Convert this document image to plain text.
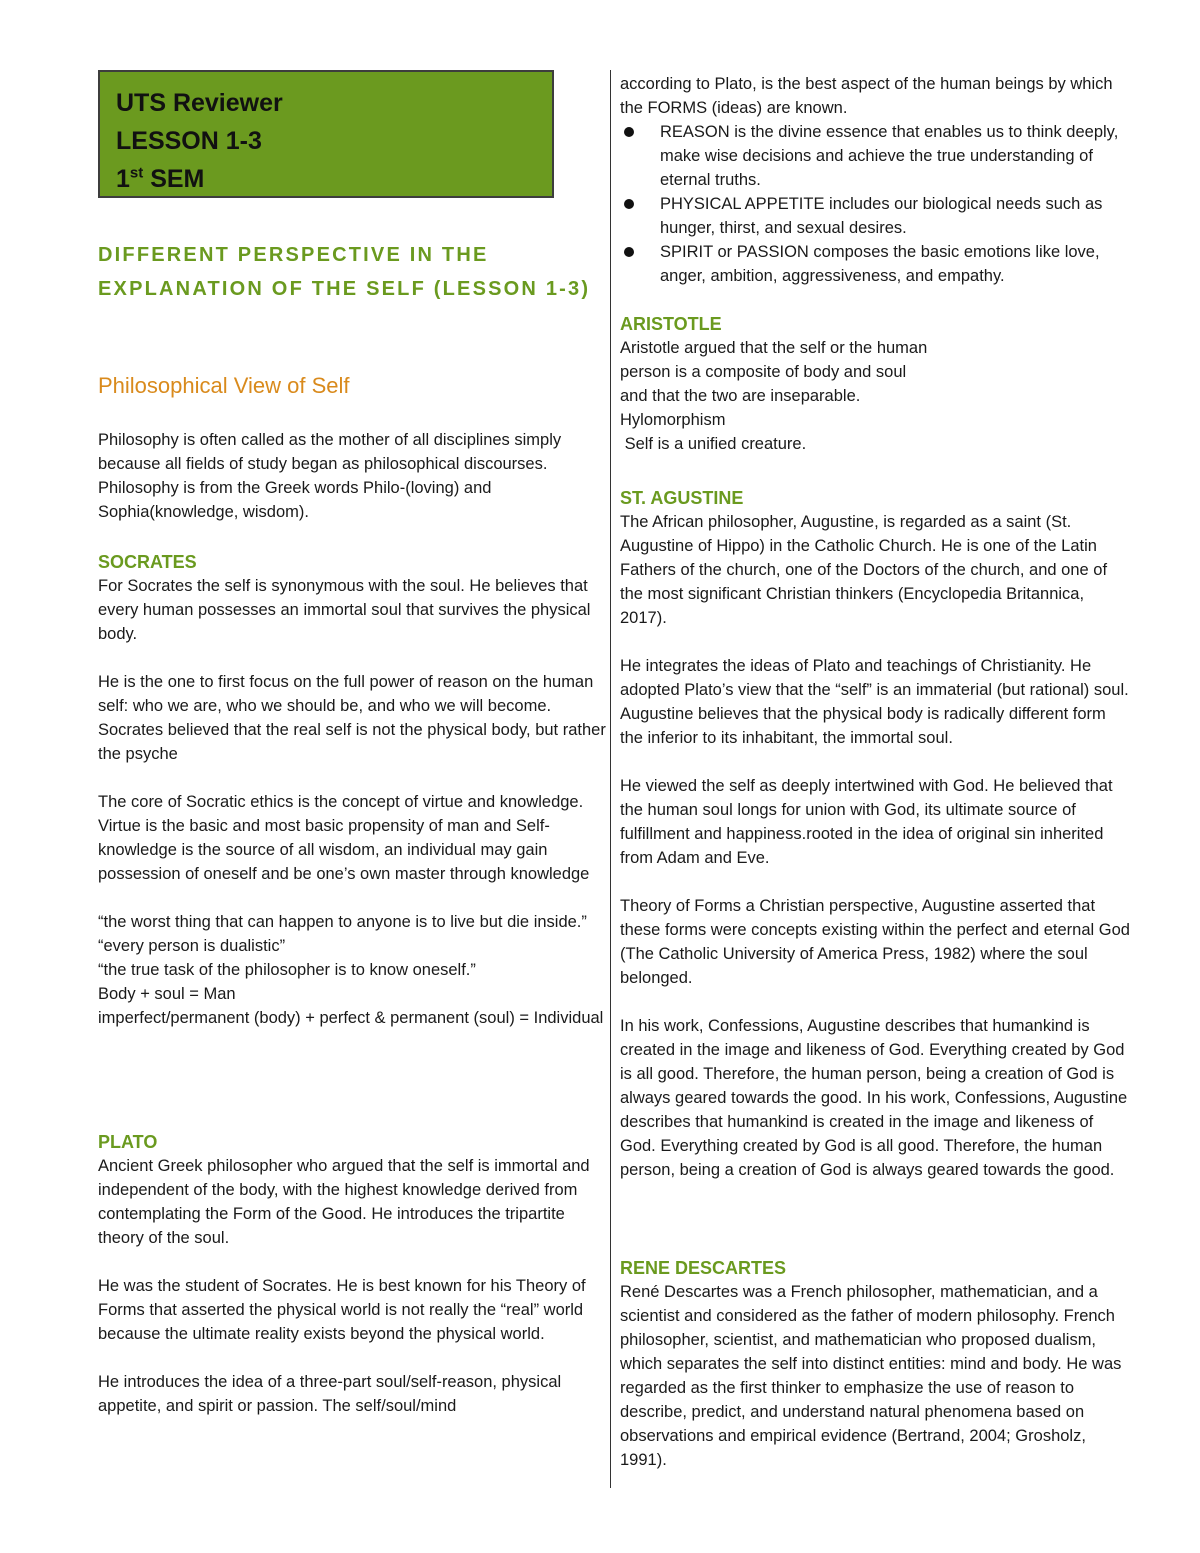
UTS Reviewer
LESSON 1-3
1st SEM
DIFFERENT PERSPECTIVE IN THE EXPLANATION OF THE SELF (LESSON 1-3)
Philosophical View of Self

Philosophy is often called as the mother of all disciplines simply because all fields of study began as philosophical discourses. Philosophy is from the Greek words Philo-(loving) and Sophia(knowledge, wisdom).

SOCRATES

For Socrates the self is synonymous with the soul. He believes that every human possesses an immortal soul that survives the physical body.

He is the one to first focus on the full power of reason on the human self: who we are, who we should be, and who we will become. Socrates believed that the real self is not the physical body, but rather the psyche

The core of Socratic ethics is the concept of virtue and knowledge. Virtue is the basic and most basic propensity of man and Self-knowledge is the source of all wisdom, an individual may gain possession of oneself and be one’s own master through knowledge

“the worst thing that can happen to anyone is to live but die inside.”

“every person is dualistic”

“the true task of the philosopher is to know oneself.”

Body + soul = Man

imperfect/permanent (body) + perfect & permanent (soul) = Individual

PLATO

Ancient Greek philosopher who argued that the self is immortal and independent of the body, with the highest knowledge derived from contemplating the Form of the Good. He introduces the tripartite theory of the soul.

He was the student of Socrates. He is best known for his Theory of Forms that asserted the physical world is not really the “real” world because the ultimate reality exists beyond the physical world.

He introduces the idea of a three-part soul/self-reason, physical appetite, and spirit or passion. The self/soul/mind

according to Plato, is the best aspect of the human beings by which the FORMS (ideas) are known.

REASON is the divine essence that enables us to think deeply, make wise decisions and achieve the true understanding of eternal truths.
PHYSICAL APPETITE includes our biological needs such as hunger, thirst, and sexual desires.
SPIRIT or PASSION composes the basic emotions like love, anger, ambition, aggressiveness, and empathy.

ARISTOTLE

Aristotle argued that the self or the human

person is a composite of body and soul

and that the two are inseparable.

Hylomorphism

Self is a unified creature.

ST. AGUSTINE

The African philosopher, Augustine, is regarded as a saint (St. Augustine of Hippo) in the Catholic Church. He is one of the Latin Fathers of the church, one of the Doctors of the church, and one of the most significant Christian thinkers (Encyclopedia Britannica, 2017).

He integrates the ideas of Plato and teachings of Christianity. He adopted Plato’s view that the “self” is an immaterial (but rational) soul. Augustine believes that the physical body is radically different form the inferior to its inhabitant, the immortal soul.

He viewed the self as deeply intertwined with God. He believed that the human soul longs for union with God, its ultimate source of fulfillment and happiness.rooted in the idea of original sin inherited from Adam and Eve.

Theory of Forms a Christian perspective, Augustine asserted that these forms were concepts existing within the perfect and eternal God (The Catholic University of America Press, 1982) where the soul belonged.

In his work, Confessions, Augustine describes that humankind is created in the image and likeness of God. Everything created by God is all good. Therefore, the human person, being a creation of God is always geared towards the good. In his work, Confessions, Augustine describes that humankind is created in the image and likeness of God. Everything created by God is all good. Therefore, the human person, being a creation of God is always geared towards the good.

RENE DESCARTES

René Descartes was a French philosopher, mathematician, and a scientist and considered as the father of modern philosophy. French philosopher, scientist, and mathematician who proposed dualism, which separates the self into distinct entities: mind and body. He was regarded as the first thinker to emphasize the use of reason to describe, predict, and understand natural phenomena based on observations and empirical evidence (Bertrand, 2004; Grosholz, 1991).
